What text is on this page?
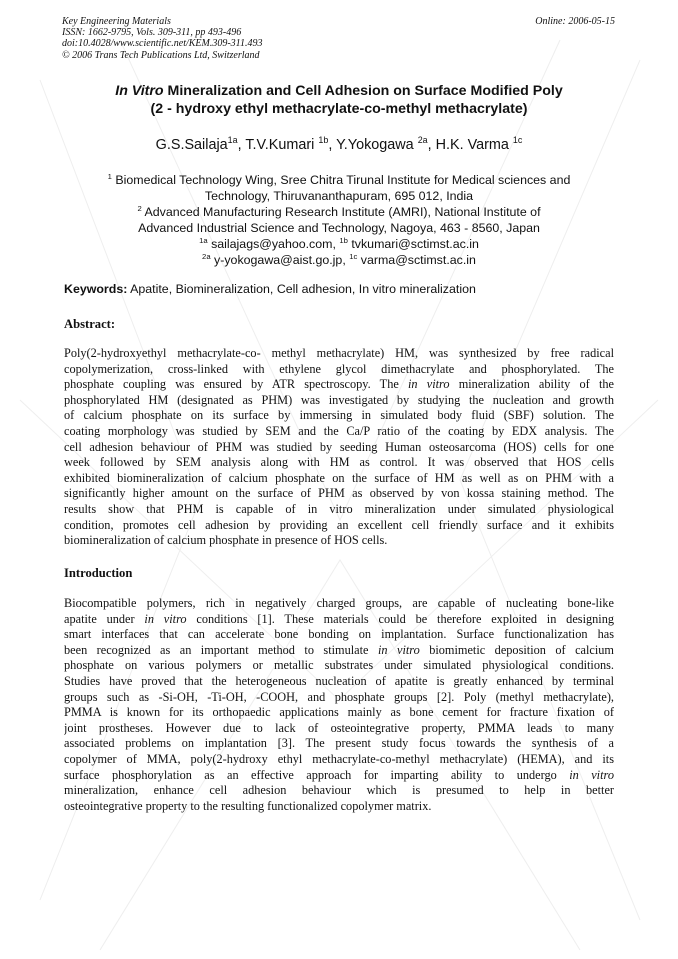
Key Engineering Materials
ISSN: 1662-9795, Vols. 309-311, pp 493-496
doi:10.4028/www.scientific.net/KEM.309-311.493
© 2006 Trans Tech Publications Ltd, Switzerland
Online: 2006-05-15
In Vitro Mineralization and Cell Adhesion on Surface Modified Poly
(2 - hydroxy ethyl methacrylate-co-methyl methacrylate)
G.S.Sailaja$^{1a}$, T.V.Kumari $^{1b}$, Y.Yokogawa $^{2a}$, H.K. Varma $^{1c}$
$^1$ Biomedical Technology Wing, Sree Chitra Tirunal Institute for Medical sciences and
Technology, Thiruvananthapuram, 695 012, India
$^2$ Advanced Manufacturing Research Institute (AMRI), National Institute of
Advanced Industrial Science and Technology, Nagoya, 463 - 8560, Japan
$^{1a}$ sailajags@yahoo.com, $^{1b}$ tvkumari@sctimst.ac.in
$^{2a}$ y-yokogawa@aist.go.jp, $^{1c}$ varma@sctimst.ac.in
Keywords: Apatite, Biomineralization, Cell adhesion, In vitro mineralization
Abstract:
Poly(2-hydroxyethyl methacrylate-co- methyl methacrylate) HM, was synthesized by free radical
copolymerization, cross-linked with ethylene glycol dimethacrylate and phosphorylated. The
phosphate coupling was ensured by ATR spectroscopy. The in vitro mineralization ability of the
phosphorylated HM (designated as PHM) was investigated by studying the nucleation and growth
of calcium phosphate on its surface by immersing in simulated body fluid (SBF) solution. The
coating morphology was studied by SEM and the Ca/P ratio of the coating by EDX analysis. The
cell adhesion behaviour of PHM was studied by seeding Human osteosarcoma (HOS) cells for one
week followed by SEM analysis along with HM as control. It was observed that HOS cells
exhibited biomineralization of calcium phosphate on the surface of HM as well as on PHM with a
significantly higher amount on the surface of PHM as observed by von kossa staining method. The
results show that PHM is capable of in vitro mineralization under simulated physiological
condition, promotes cell adhesion by providing an excellent cell friendly surface and it exhibits
biomineralization of calcium phosphate in presence of HOS cells.
Introduction
Biocompatible polymers, rich in negatively charged groups, are capable of nucleating bone-like
apatite under in vitro conditions [1]. These materials could be therefore exploited in designing
smart interfaces that can accelerate bone bonding on implantation. Surface functionalization has
been recognized as an important method to stimulate in vitro biomimetic deposition of calcium
phosphate on various polymers or metallic substrates under simulated physiological conditions.
Studies have proved that the heterogeneous nucleation of apatite is greatly enhanced by terminal
groups such as -Si-OH, -Ti-OH, -COOH, and phosphate groups [2]. Poly (methyl methacrylate),
PMMA is known for its orthopaedic applications mainly as bone cement for fracture fixation of
joint prostheses. However due to lack of osteointegrative property, PMMA leads to many
associated problems on implantation [3]. The present study focus towards the synthesis of a
copolymer of MMA, poly(2-hydroxy ethyl methacrylate-co-methyl methacrylate) (HEMA), and its
surface phosphorylation as an effective approach for imparting ability to undergo in vitro
mineralization, enhance cell adhesion behaviour which is presumed to help in better
osteointegrative property to the resulting functionalized copolymer matrix.
